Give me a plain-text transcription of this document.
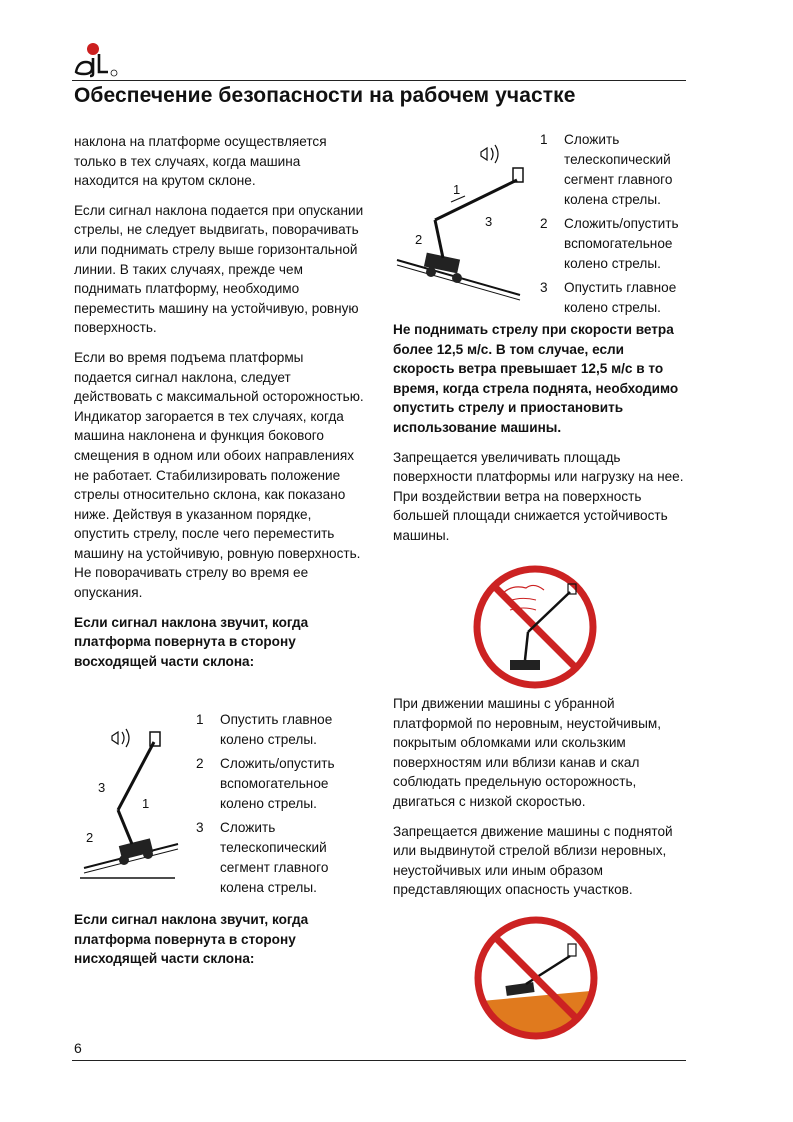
Обеспечение безопасности на рабочем участке

наклона на платформе осуществляется только в тех случаях, когда машина находится на крутом склоне.

Если сигнал наклона подается при опускании стрелы, не следует выдвигать, поворачивать или поднимать стрелу выше горизонтальной линии. В таких случаях, прежде чем поднимать платформу, необходимо переместить машину на устойчивую, ровную поверхность.

Если во время подъема платформы подается сигнал наклона, следует действовать с максимальной осторожностью. Индикатор загорается в тех случаях, когда машина наклонена и функция бокового смещения в одном или обоих направлениях не работает. Стабилизировать положение стрелы относительно склона, как показано ниже. Действуя в указанном порядке, опустить стрелу, после чего переместить машину на устойчивую, ровную поверхность. Не поворачивать стрелу во время ее опускания.

Если сигнал наклона звучит, когда платформа повернута в сторону восходящей части склона:

3
1
2
1	Опустить главное колено стрелы.
2	Сложить/опустить вспомогательное колено стрелы.
3	Сложить телескопический сегмент главного колена стрелы.
Если сигнал наклона звучит, когда платформа повернута в сторону нисходящей части склона:
1
3
2
1	Сложить телескопический сегмент главного колена стрелы.
2	Сложить/опустить вспомогательное колено стрелы.
3	Опустить главное колено стрелы.

Не поднимать стрелу при скорости ветра более 12,5 м/с. В том случае, если скорость ветра превышает 12,5 м/с в то время, когда стрела поднята, необходимо опустить стрелу и приостановить использование машины.

Запрещается увеличивать площадь поверхности платформы или нагрузку на нее. При воздействии ветра на поверхность большей площади снижается устойчивость машины.

При движении машины с убранной платформой по неровным, неустойчивым, покрытым обломками или скользким поверхностям или вблизи канав и скал соблюдать предельную осторожность, двигаться с низкой скоростью.

Запрещается движение машины с поднятой или выдвинутой стрелой вблизи неровных, неустойчивых или иным образом представляющих опасность участков.

6
